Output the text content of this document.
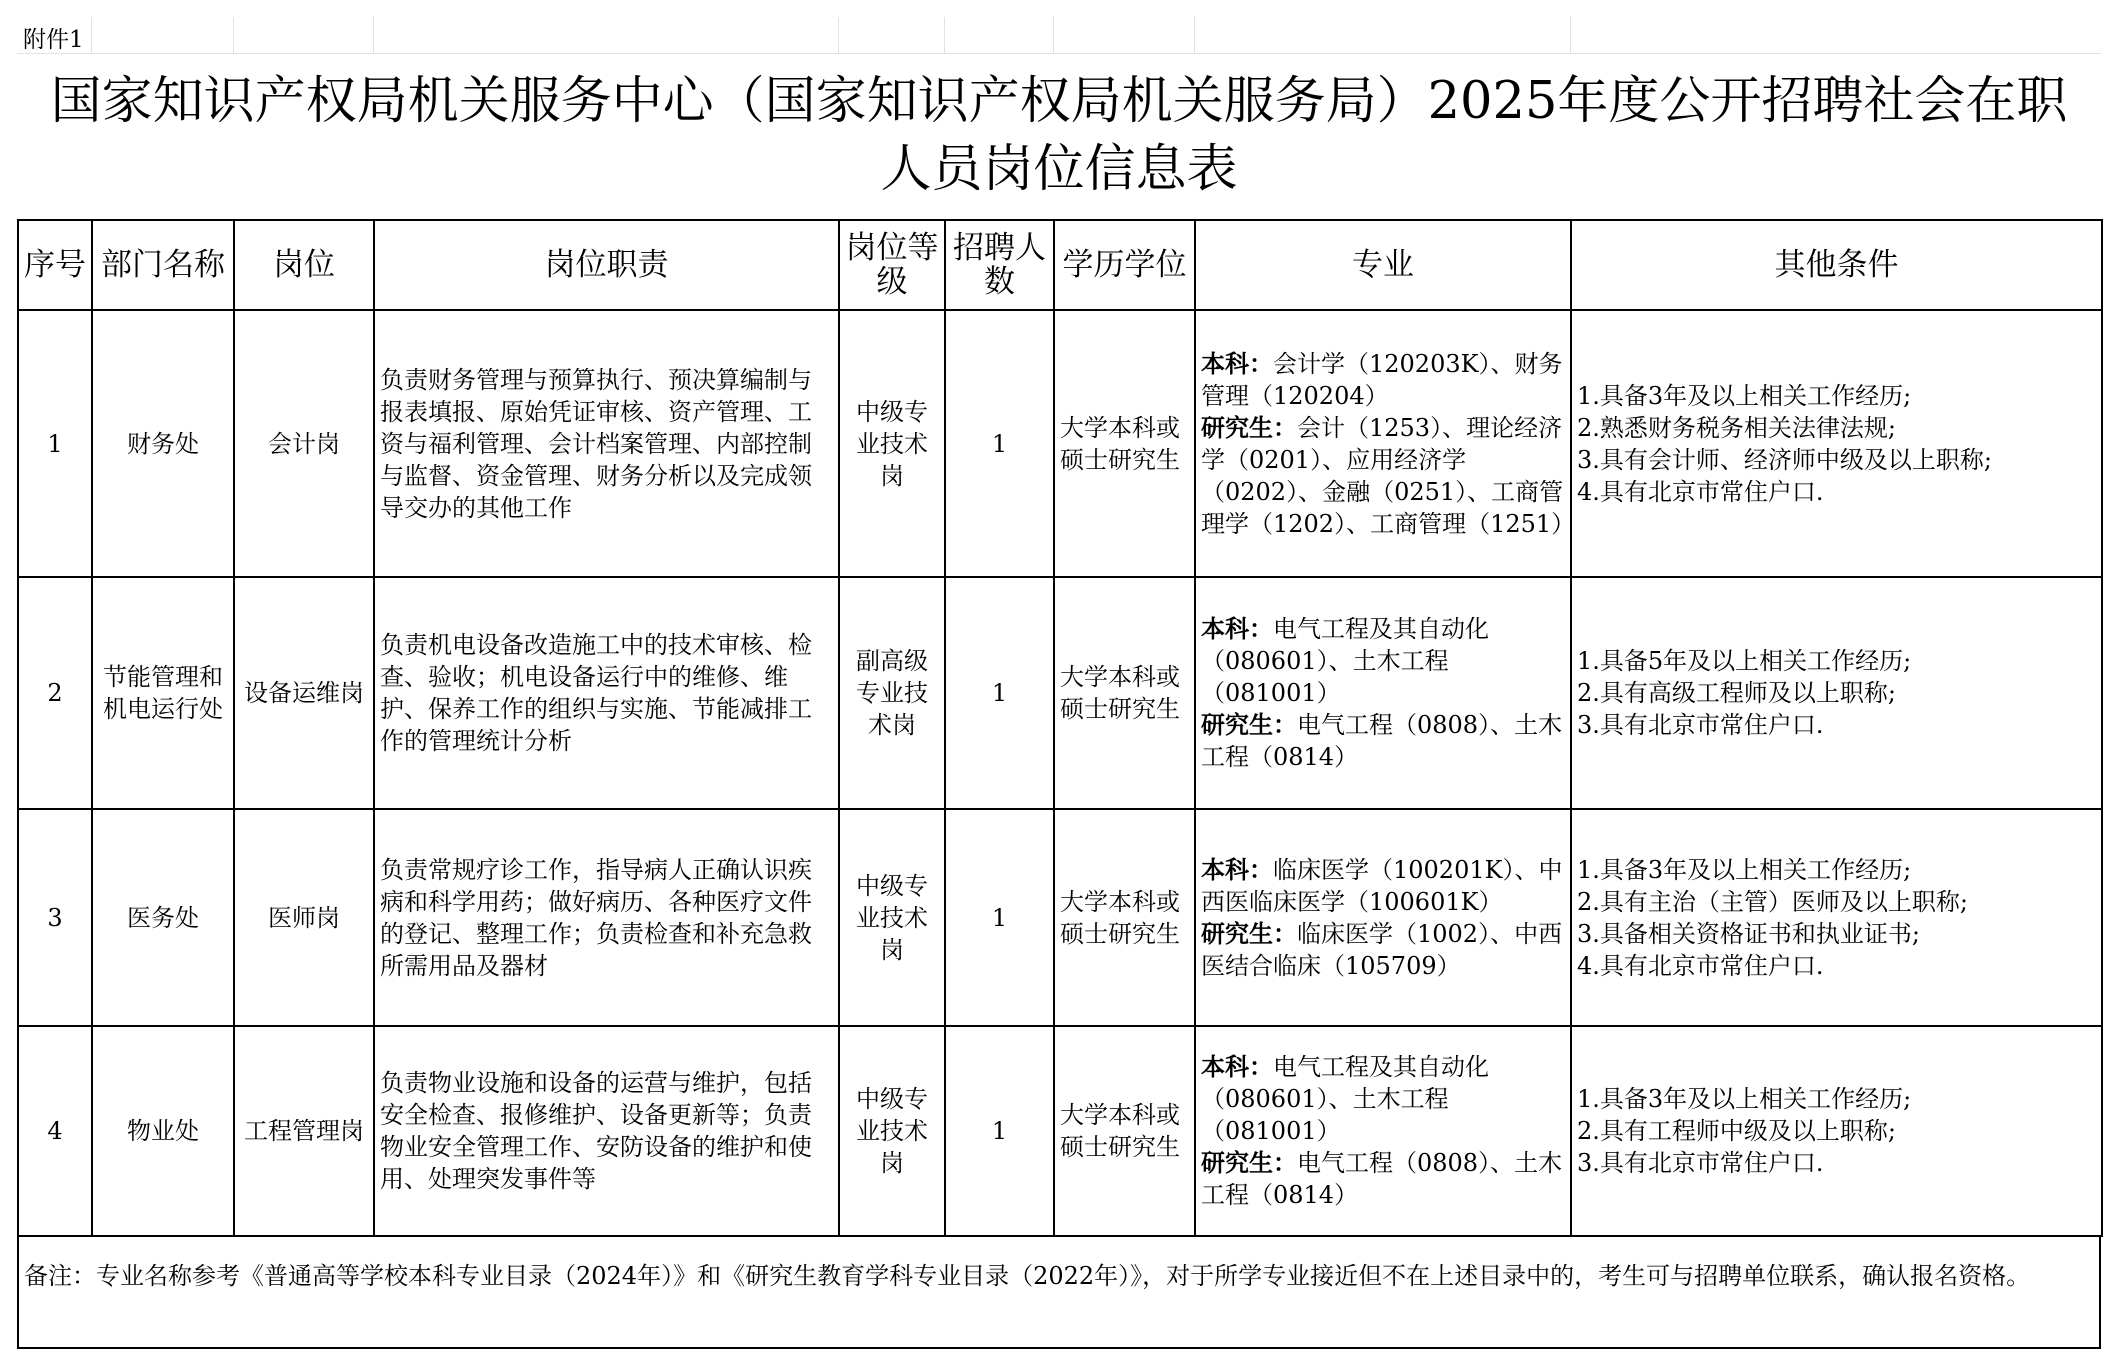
附件1
国家知识产权局机关服务中心（国家知识产权局机关服务局）2025年度公开招聘社会在职人员岗位信息表
序号	部门名称	岗位	岗位职责	岗位等级	招聘人数	学历学位	专业	其他条件
1	财务处	会计岗	负责财务管理与预算执行、预决算编制与报表填报、原始凭证审核、资产管理、工资与福利管理、会计档案管理、内部控制与监督、资金管理、财务分析以及完成领导交办的其他工作	中级专业技术岗	1	大学本科或硕士研究生	本科：会计学（120203K）、财务管理（120204）
研究生：会计（1253）、理论经济学（0201）、应用经济学（0202）、金融（0251）、工商管理学（1202）、工商管理（1251）	1.具备3年及以上相关工作经历;
2.熟悉财务税务相关法律法规;
3.具有会计师、经济师中级及以上职称;
4.具有北京市常住户口.

2	节能管理和机电运行处	设备运维岗	负责机电设备改造施工中的技术审核、检查、验收；机电设备运行中的维修、维护、保养工作的组织与实施、节能减排工作的管理统计分析	副高级专业技术岗	1	大学本科或硕士研究生	本科：电气工程及其自动化（080601）、土木工程（081001）
研究生：电气工程（0808）、土木工程（0814）	1.具备5年及以上相关工作经历;
2.具有高级工程师及以上职称;
3.具有北京市常住户口.

3	医务处	医师岗	负责常规疗诊工作，指导病人正确认识疾病和科学用药；做好病历、各种医疗文件的登记、整理工作；负责检查和补充急救所需用品及器材	中级专业技术岗	1	大学本科或硕士研究生	本科：临床医学（100201K）、中西医临床医学（100601K）
研究生：临床医学（1002）、中西医结合临床（105709）	1.具备3年及以上相关工作经历;
2.具有主治（主管）医师及以上职称;
3.具备相关资格证书和执业证书;
4.具有北京市常住户口.

4	物业处	工程管理岗	负责物业设施和设备的运营与维护，包括安全检查、报修维护、设备更新等；负责物业安全管理工作、安防设备的维护和使用、处理突发事件等	中级专业技术岗	1	大学本科或硕士研究生	本科：电气工程及其自动化（080601）、土木工程（081001）
研究生：电气工程（0808）、土木工程（0814）	1.具备3年及以上相关工作经历;
2.具有工程师中级及以上职称;
3.具有北京市常住户口.
备注：专业名称参考《普通高等学校本科专业目录（2024年）》和《研究生教育学科专业目录（2022年）》，对于所学专业接近但不在上述目录中的，考生可与招聘单位联系，确认报名资格。
